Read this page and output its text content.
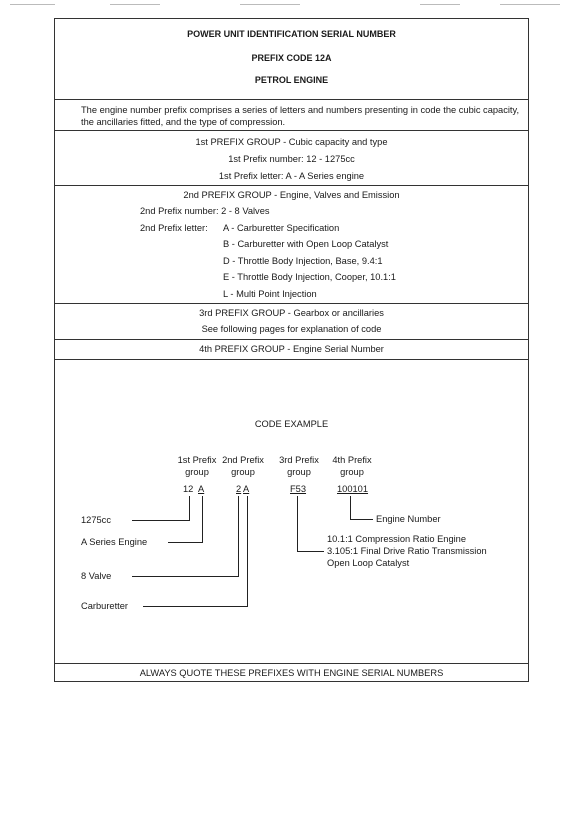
POWER UNIT IDENTIFICATION SERIAL NUMBER
PREFIX CODE 12A
PETROL ENGINE
The engine number prefix comprises a series of letters and numbers presenting in code the cubic capacity, the ancillaries fitted, and the type of compression.
1st PREFIX GROUP - Cubic capacity and type
1st Prefix number: 12 - 1275cc
1st Prefix letter: A - A Series engine
2nd PREFIX GROUP - Engine, Valves and Emission
2nd Prefix number: 2 - 8 Valves
2nd Prefix letter: A - Carburetter Specification
B - Carburetter with Open Loop Catalyst
D - Throttle Body Injection, Base, 9.4:1
E - Throttle Body Injection, Cooper, 10.1:1
L - Multi Point Injection
3rd PREFIX GROUP - Gearbox or ancillaries
See following pages for explanation of code
4th PREFIX GROUP - Engine Serial Number
CODE EXAMPLE
1st Prefix
group
2nd Prefix
group
3rd Prefix
group
4th Prefix
group
12 A	2 A	F53	100101
1275cc
A Series Engine
8 Valve
Carburetter
Engine Number
10.1:1 Compression Ratio Engine
3.105:1 Final Drive Ratio Transmission
Open Loop Catalyst
ALWAYS QUOTE THESE PREFIXES WITH ENGINE SERIAL NUMBERS
